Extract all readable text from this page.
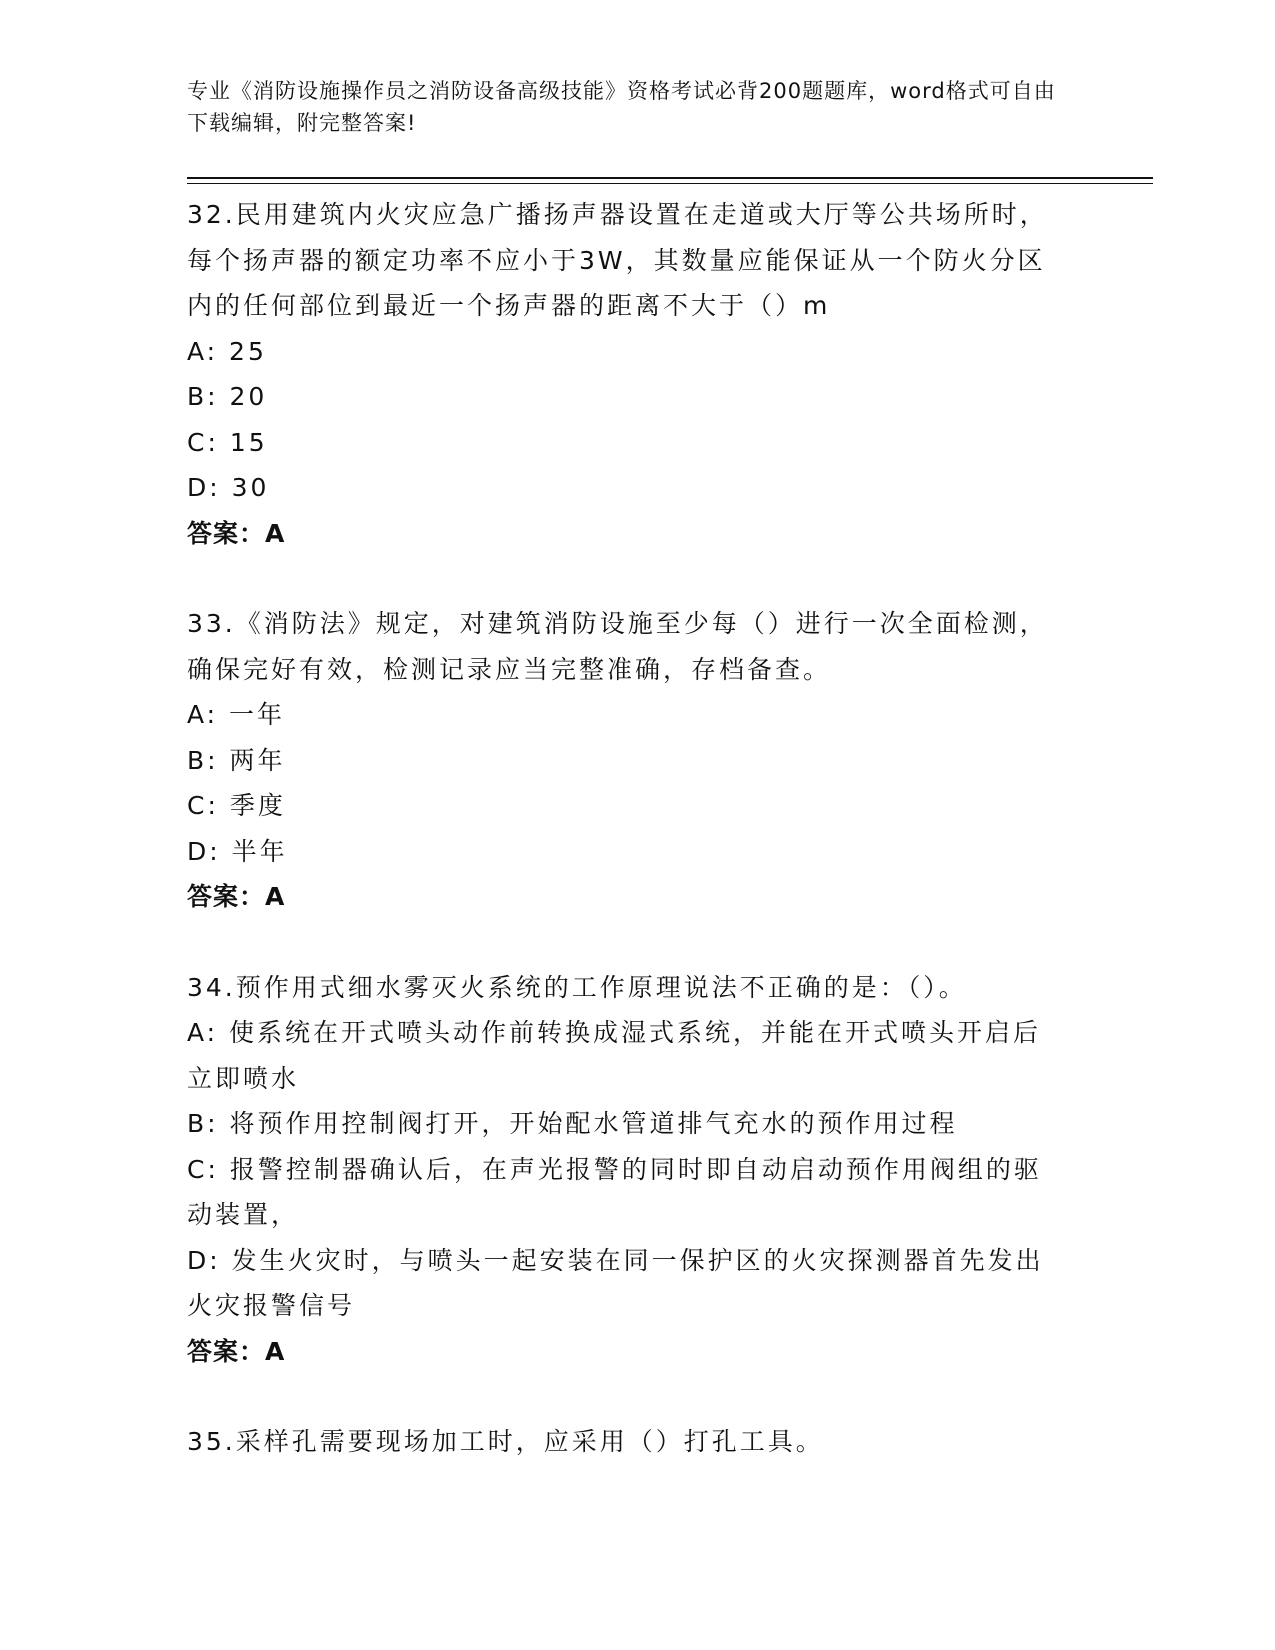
专业《消防设施操作员之消防设备高级技能》资格考试必背200题题库，word格式可自由下载编辑，附完整答案!

32.民用建筑内火灾应急广播扬声器设置在走道或大厅等公共场所时，每个扬声器的额定功率不应小于3W，其数量应能保证从一个防火分区内的任何部位到最近一个扬声器的距离不大于（）m

A: 25

B: 20

C: 15

D: 30

答案：A

33.《消防法》规定，对建筑消防设施至少每（）进行一次全面检测，确保完好有效，检测记录应当完整准确，存档备查。

A: 一年

B: 两年

C: 季度

D: 半年

答案：A

34.预作用式细水雾灭火系统的工作原理说法不正确的是：（）。

A: 使系统在开式喷头动作前转换成湿式系统，并能在开式喷头开启后立即喷水

B: 将预作用控制阀打开，开始配水管道排气充水的预作用过程

C: 报警控制器确认后，在声光报警的同时即自动启动预作用阀组的驱动装置，

D: 发生火灾时，与喷头一起安装在同一保护区的火灾探测器首先发出火灾报警信号

答案：A

35.采样孔需要现场加工时，应采用（）打孔工具。
